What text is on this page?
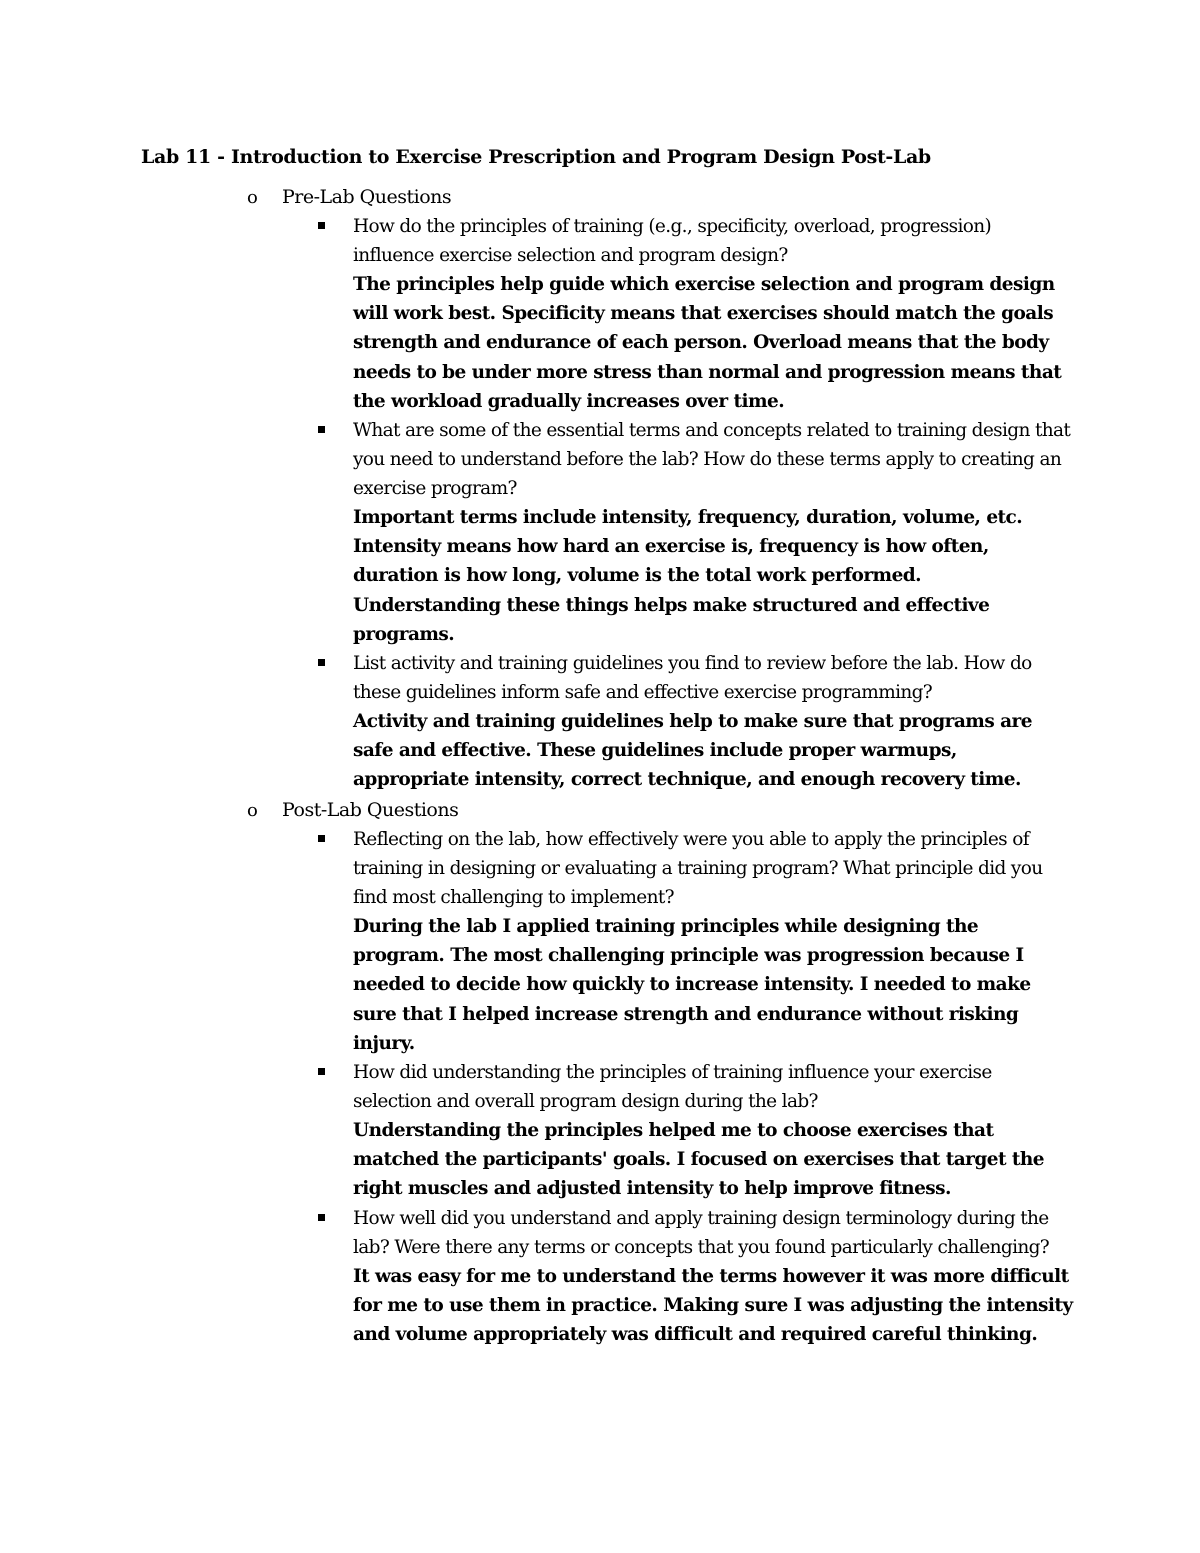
Lab 11 - Introduction to Exercise Prescription and Program Design Post-Lab
o	Pre-Lab Questions
How do the principles of training (e.g., specificity, overload, progression) influence exercise selection and program design?
The principles help guide which exercise selection and program design will work best. Specificity means that exercises should match the goals strength and endurance of each person. Overload means that the body needs to be under more stress than normal and progression means that the workload gradually increases over time.
What are some of the essential terms and concepts related to training design that you need to understand before the lab? How do these terms apply to creating an exercise program?
Important terms include intensity, frequency, duration, volume, etc. Intensity means how hard an exercise is, frequency is how often, duration is how long, volume is the total work performed. Understanding these things helps make structured and effective programs.
List activity and training guidelines you find to review before the lab. How do these guidelines inform safe and effective exercise programming?
Activity and training guidelines help to make sure that programs are safe and effective. These guidelines include proper warmups, appropriate intensity, correct technique, and enough recovery time.
o	Post-Lab Questions
Reflecting on the lab, how effectively were you able to apply the principles of training in designing or evaluating a training program? What principle did you find most challenging to implement?
During the lab I applied training principles while designing the program. The most challenging principle was progression because I needed to decide how quickly to increase intensity. I needed to make sure that I helped increase strength and endurance without risking injury.
How did understanding the principles of training influence your exercise selection and overall program design during the lab?
Understanding the principles helped me to choose exercises that matched the participants' goals. I focused on exercises that target the right muscles and adjusted intensity to help improve fitness.
How well did you understand and apply training design terminology during the lab? Were there any terms or concepts that you found particularly challenging?
It was easy for me to understand the terms however it was more difficult for me to use them in practice. Making sure I was adjusting the intensity and volume appropriately was difficult and required careful thinking.
